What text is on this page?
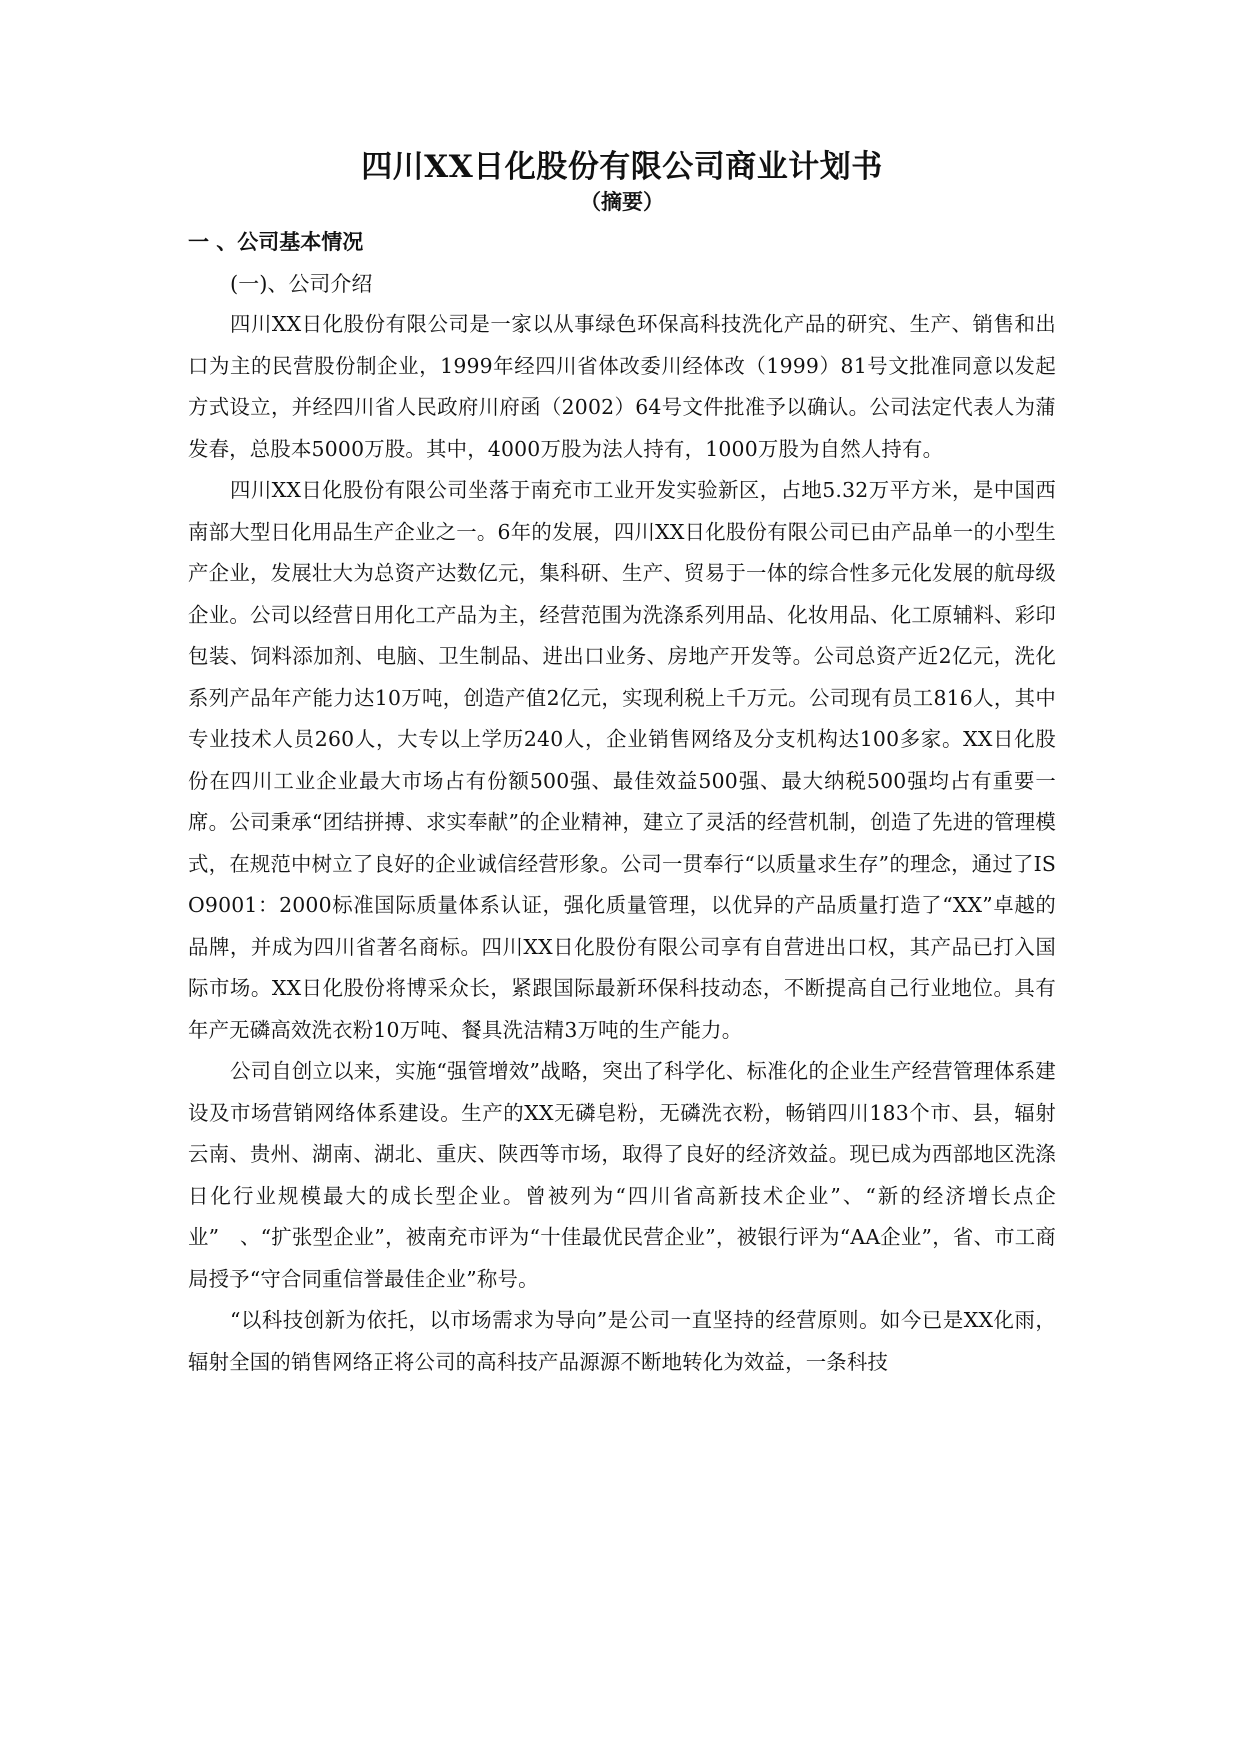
四川XX日化股份有限公司商业计划书
（摘要）
一 、公司基本情况
(一)、公司介绍

四川XX日化股份有限公司是一家以从事绿色环保高科技洗化产品的研究、生产、销售和出口为主的民营股份制企业，1999年经四川省体改委川经体改（1999）81号文批准同意以发起方式设立，并经四川省人民政府川府函（2002）64号文件批准予以确认。公司法定代表人为蒲发春，总股本5000万股。其中，4000万股为法人持有，1000万股为自然人持有。

四川XX日化股份有限公司坐落于南充市工业开发实验新区，占地5.32万平方米，是中国西南部大型日化用品生产企业之一。6年的发展，四川XX日化股份有限公司已由产品单一的小型生产企业，发展壮大为总资产达数亿元，集科研、生产、贸易于一体的综合性多元化发展的航母级企业。公司以经营日用化工产品为主，经营范围为洗涤系列用品、化妆用品、化工原辅料、彩印包装、饲料添加剂、电脑、卫生制品、进出口业务、房地产开发等。公司总资产近2亿元，洗化系列产品年产能力达10万吨，创造产值2亿元，实现利税上千万元。公司现有员工816人，其中专业技术人员260人，大专以上学历240人，企业销售网络及分支机构达100多家。XX日化股份在四川工业企业最大市场占有份额500强、最佳效益500强、最大纳税500强均占有重要一席。公司秉承“团结拼搏、求实奉献”的企业精神，建立了灵活的经营机制，创造了先进的管理模式，在规范中树立了良好的企业诚信经营形象。公司一贯奉行“以质量求生存”的理念，通过了ISO9001：2000标准国际质量体系认证，强化质量管理，以优异的产品质量打造了“XX”卓越的品牌，并成为四川省著名商标。四川XX日化股份有限公司享有自营进出口权，其产品已打入国际市场。XX日化股份将博采众长，紧跟国际最新环保科技动态，不断提高自己行业地位。具有年产无磷高效洗衣粉10万吨、餐具洗洁精3万吨的生产能力。

公司自创立以来，实施“强管增效”战略，突出了科学化、标准化的企业生产经营管理体系建设及市场营销网络体系建设。生产的XX无磷皂粉，无磷洗衣粉，畅销四川183个市、县，辐射云南、贵州、湖南、湖北、重庆、陕西等市场，取得了良好的经济效益。现已成为西部地区洗涤日化行业规模最大的成长型企业。曾被列为“四川省高新技术企业”、“新的经济增长点企业”　、“扩张型企业”，被南充市评为“十佳最优民营企业”，被银行评为“AA企业”，省、市工商局授予“守合同重信誉最佳企业”称号。

“以科技创新为依托，以市场需求为导向”是公司一直坚持的经营原则。如今已是XX化雨，辐射全国的销售网络正将公司的高科技产品源源不断地转化为效益，一条科技
